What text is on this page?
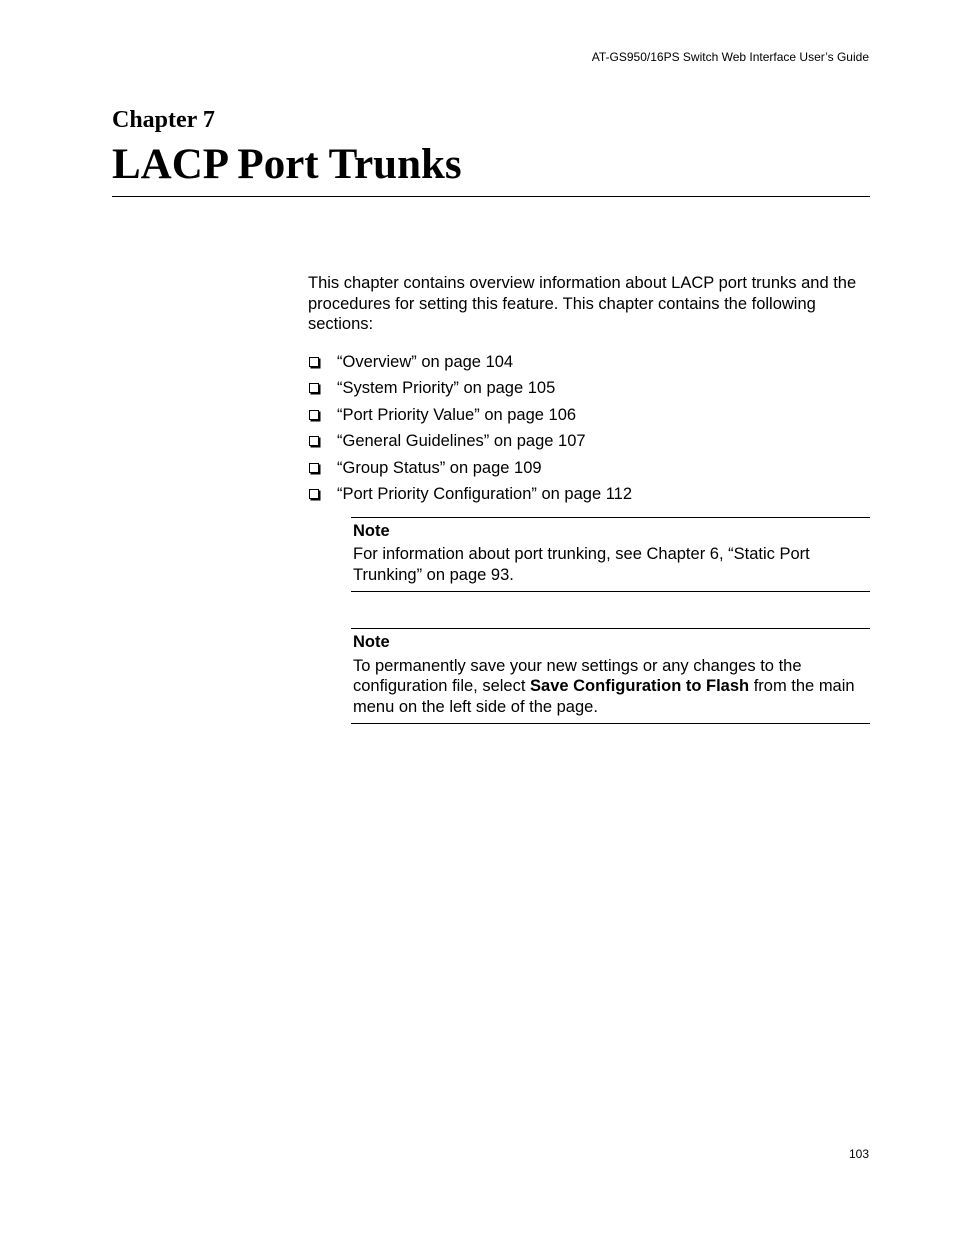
AT-GS950/16PS Switch Web Interface User’s Guide
Chapter 7
LACP Port Trunks

This chapter contains overview information about LACP port trunks and the procedures for setting this feature. This chapter contains the following sections:

“Overview” on page 104
“System Priority” on page 105
“Port Priority Value” on page 106
“General Guidelines” on page 107
“Group Status” on page 109
“Port Priority Configuration” on page 112
Note

For information about port trunking, see Chapter 6, “Static Port Trunking” on page 93.

Note

To permanently save your new settings or any changes to the configuration file, select Save Configuration to Flash from the main menu on the left side of the page.

103
